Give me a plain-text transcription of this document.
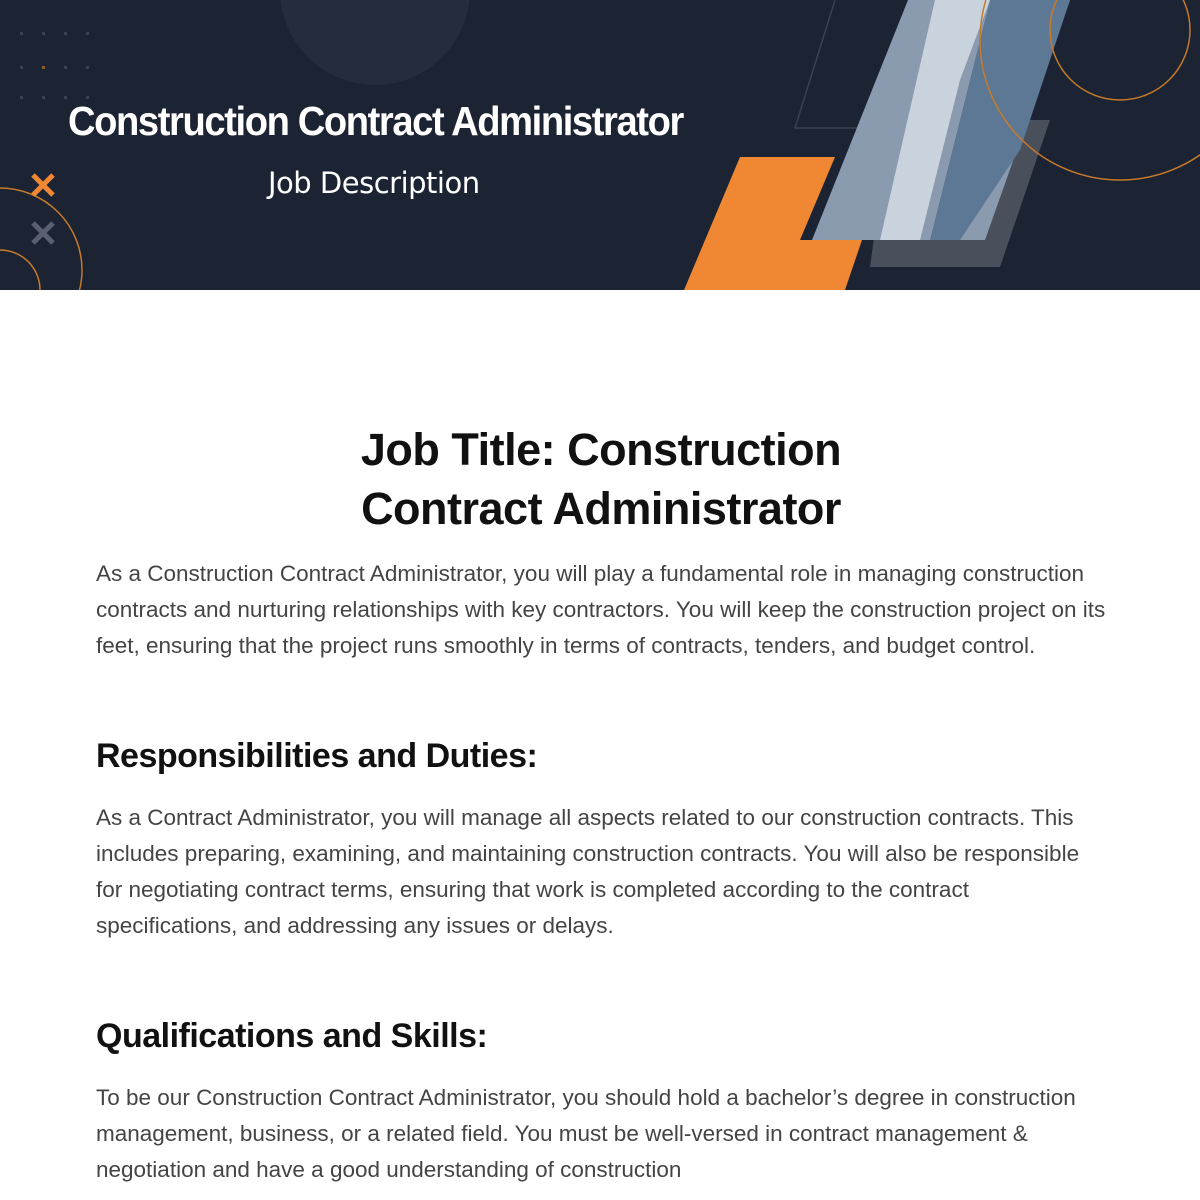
Construction Contract Administrator
Job Description
Job Title: Construction Contract Administrator

As a Construction Contract Administrator, you will play a fundamental role in managing construction contracts and nurturing relationships with key contractors. You will keep the construction project on its feet, ensuring that the project runs smoothly in terms of contracts, tenders, and budget control.

Responsibilities and Duties:

As a Contract Administrator, you will manage all aspects related to our construction contracts. This includes preparing, examining, and maintaining construction contracts. You will also be responsible for negotiating contract terms, ensuring that work is completed according to the contract specifications, and addressing any issues or delays.

Qualifications and Skills:

To be our Construction Contract Administrator, you should hold a bachelor’s degree in construction management, business, or a related field. You must be well-versed in contract management & negotiation and have a good understanding of construction
